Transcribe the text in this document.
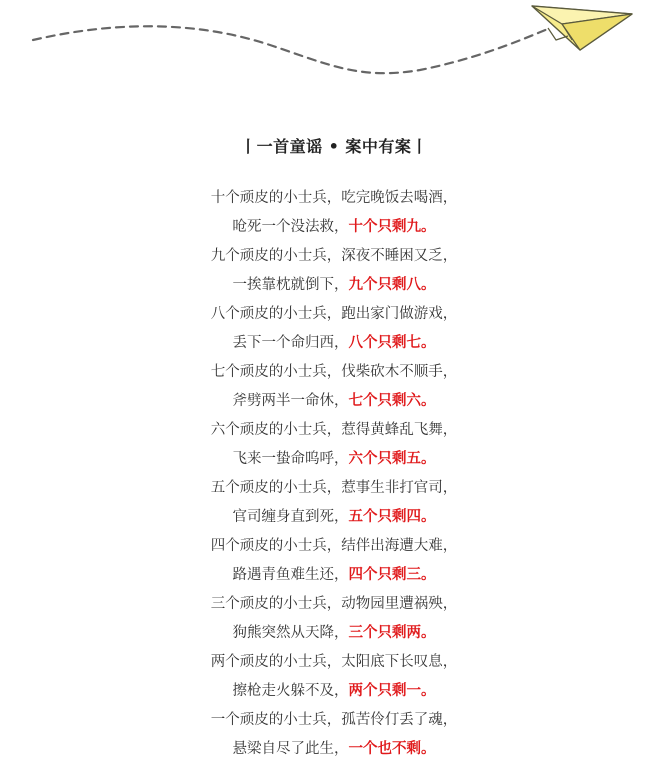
丨一首童谣 • 案中有案丨
十个顽皮的小士兵，吃完晚饭去喝酒，
呛死一个没法救，十个只剩九。
九个顽皮的小士兵，深夜不睡困又乏，
一挨靠枕就倒下，九个只剩八。
八个顽皮的小士兵，跑出家门做游戏，
丢下一个命归西，八个只剩七。
七个顽皮的小士兵，伐柴砍木不顺手，
斧劈两半一命休，七个只剩六。
六个顽皮的小士兵，惹得黄蜂乱飞舞，
飞来一蛰命呜呼，六个只剩五。
五个顽皮的小士兵，惹事生非打官司，
官司缠身直到死，五个只剩四。
四个顽皮的小士兵，结伴出海遭大难，
路遇青鱼难生还，四个只剩三。
三个顽皮的小士兵，动物园里遭祸殃，
狗熊突然从天降，三个只剩两。
两个顽皮的小士兵，太阳底下长叹息，
擦枪走火躲不及，两个只剩一。
一个顽皮的小士兵，孤苦伶仃丢了魂，
悬梁自尽了此生，一个也不剩。
